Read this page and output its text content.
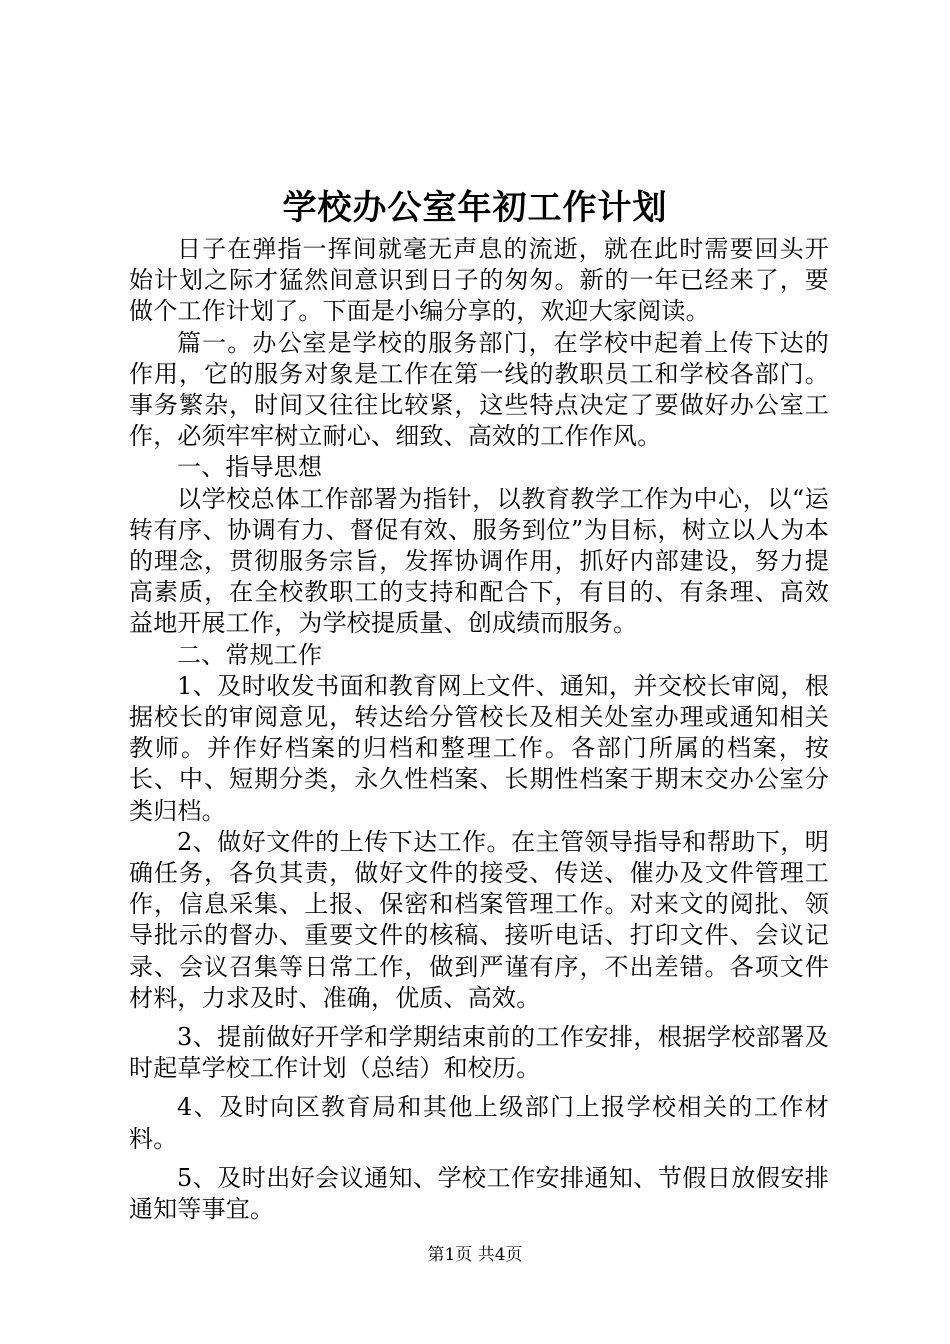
学校办公室年初工作计划

日子在弹指一挥间就毫无声息的流逝，就在此时需要回头开始计划之际才猛然间意识到日子的匆匆。新的一年已经来了，要做个工作计划了。下面是小编分享的，欢迎大家阅读。

篇一。办公室是学校的服务部门，在学校中起着上传下达的作用，它的服务对象是工作在第一线的教职员工和学校各部门。事务繁杂，时间又往往比较紧，这些特点决定了要做好办公室工作，必须牢牢树立耐心、细致、高效的工作作风。

一、指导思想

以学校总体工作部署为指针，以教育教学工作为中心，以“运转有序、协调有力、督促有效、服务到位”为目标，树立以人为本的理念，贯彻服务宗旨，发挥协调作用，抓好内部建设，努力提高素质，在全校教职工的支持和配合下，有目的、有条理、高效益地开展工作，为学校提质量、创成绩而服务。

二、常规工作

1、及时收发书面和教育网上文件、通知，并交校长审阅，根据校长的审阅意见，转达给分管校长及相关处室办理或通知相关教师。并作好档案的归档和整理工作。各部门所属的档案，按长、中、短期分类，永久性档案、长期性档案于期末交办公室分类归档。

2、做好文件的上传下达工作。在主管领导指导和帮助下，明确任务，各负其责，做好文件的接受、传送、催办及文件管理工作，信息采集、上报、保密和档案管理工作。对来文的阅批、领导批示的督办、重要文件的核稿、接听电话、打印文件、会议记录、会议召集等日常工作，做到严谨有序，不出差错。各项文件材料，力求及时、准确，优质、高效。

3、提前做好开学和学期结束前的工作安排，根据学校部署及时起草学校工作计划（总结）和校历。

4、及时向区教育局和其他上级部门上报学校相关的工作材料。

5、及时出好会议通知、学校工作安排通知、节假日放假安排通知等事宜。

第1页 共4页
